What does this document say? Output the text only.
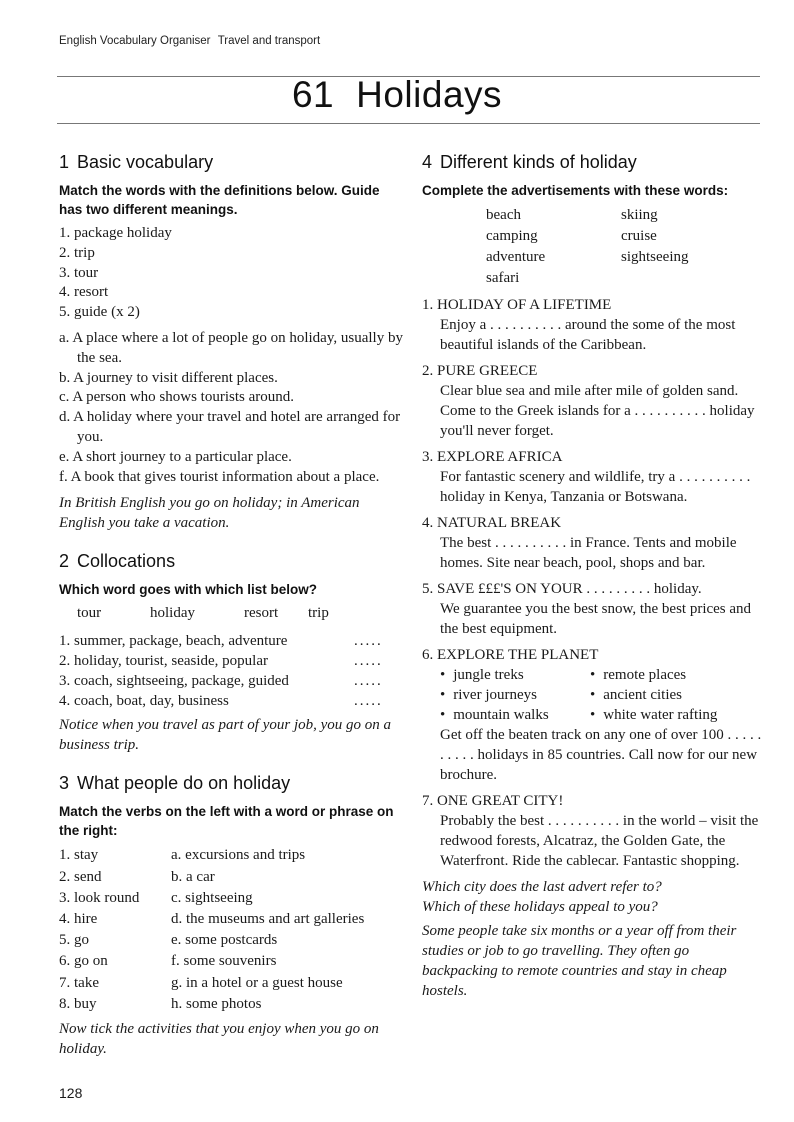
English Vocabulary Organiser Travel and transport
61 Holidays
1 Basic vocabulary

Match the words with the definitions below. Guide has two different meanings.

1. package holiday
2. trip
3. tour
4. resort
5. guide (x 2)
a. A place where a lot of people go on holiday, usually by the sea.
b. A journey to visit different places.
c. A person who shows tourists around.
d. A holiday where your travel and hotel are arranged for you.
e. A short journey to a particular place.
f. A book that gives tourist information about a place.

In British English you go on holiday; in American English you take a vacation.

2 Collocations

Which word goes with which list below?

tour	holiday	resort	trip
1. summer, package, beach, adventure	.....
2. holiday, tourist, seaside, popular	.....
3. coach, sightseeing, package, guided	.....
4. coach, boat, day, business	.....

Notice when you travel as part of your job, you go on a business trip.

3 What people do on holiday

Match the verbs on the left with a word or phrase on the right:

1. stay	a. excursions and trips
2. send	b. a car
3. look round	c. sightseeing
4. hire	d. the museums and art galleries
5. go	e. some postcards
6. go on	f. some souvenirs
7. take	g. in a hotel or a guest house
8. buy	h. some photos

Now tick the activities that you enjoy when you go on holiday.

4 Different kinds of holiday

Complete the advertisements with these words:

beach	skiing
camping	cruise
adventure	sightseeing
safari
1. HOLIDAY OF A LIFETIME
Enjoy a . . . . . . . . . . around the some of the most beautiful islands of the Caribbean.
2. PURE GREECE
Clear blue sea and mile after mile of golden sand. Come to the Greek islands for a . . . . . . . . . . holiday you'll never forget.
3. EXPLORE AFRICA
For fantastic scenery and wildlife, try a . . . . . . . . . . holiday in Kenya, Tanzania or Botswana.
4. NATURAL BREAK
The best . . . . . . . . . . in France. Tents and mobile homes. Site near beach, pool, shops and bar.
5. SAVE £££'S ON YOUR . . . . . . . . . holiday.
We guarantee you the best snow, the best prices and the best equipment.
6. EXPLORE THE PLANET
• jungle treks	• remote places
• river journeys	• ancient cities
• mountain walks	• white water rafting
Get off the beaten track on any one of over 100 . . . . . . . . . . holidays in 85 countries. Call now for our new brochure.
7. ONE GREAT CITY!
Probably the best . . . . . . . . . . in the world – visit the redwood forests, Alcatraz, the Golden Gate, the Waterfront. Ride the cablecar. Fantastic shopping.

Which city does the last advert refer to?

Which of these holidays appeal to you?

Some people take six months or a year off from their studies or job to go travelling. They often go backpacking to remote countries and stay in cheap hostels.

128
